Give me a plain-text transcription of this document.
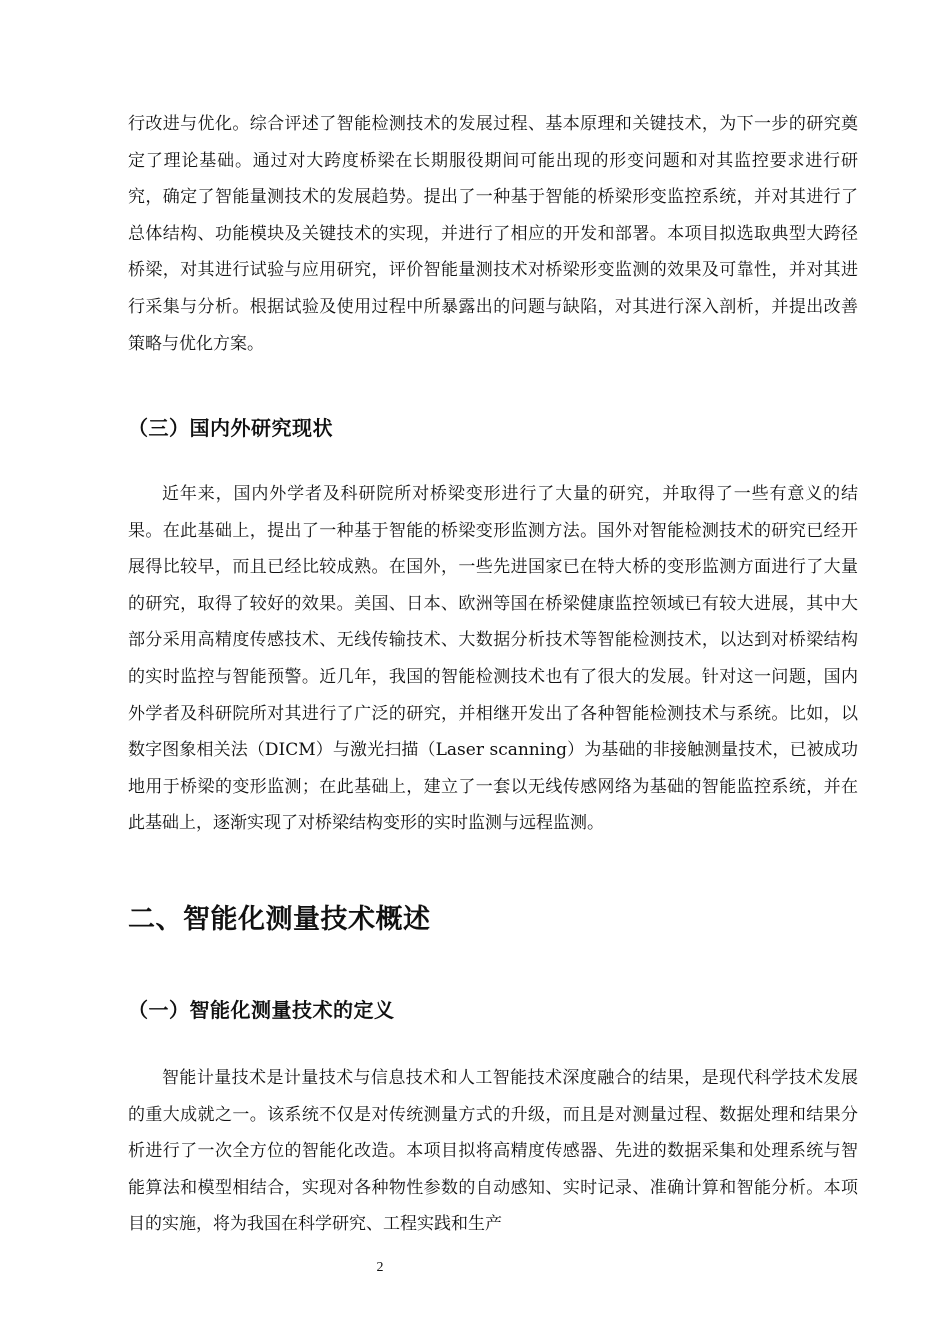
行改进与优化。综合评述了智能检测技术的发展过程、基本原理和关键技术，为下一步的研究奠定了理论基础。通过对大跨度桥梁在长期服役期间可能出现的形变问题和对其监控要求进行研究，确定了智能量测技术的发展趋势。提出了一种基于智能的桥梁形变监控系统，并对其进行了总体结构、功能模块及关键技术的实现，并进行了相应的开发和部署。本项目拟选取典型大跨径桥梁，对其进行试验与应用研究，评价智能量测技术对桥梁形变监测的效果及可靠性，并对其进行采集与分析。根据试验及使用过程中所暴露出的问题与缺陷，对其进行深入剖析，并提出改善策略与优化方案。

（三）国内外研究现状

近年来，国内外学者及科研院所对桥梁变形进行了大量的研究，并取得了一些有意义的结果。在此基础上，提出了一种基于智能的桥梁变形监测方法。国外对智能检测技术的研究已经开展得比较早，而且已经比较成熟。在国外，一些先进国家已在特大桥的变形监测方面进行了大量的研究，取得了较好的效果。美国、日本、欧洲等国在桥梁健康监控领域已有较大进展，其中大部分采用高精度传感技术、无线传输技术、大数据分析技术等智能检测技术，以达到对桥梁结构的实时监控与智能预警。近几年，我国的智能检测技术也有了很大的发展。针对这一问题，国内外学者及科研院所对其进行了广泛的研究，并相继开发出了各种智能检测技术与系统。比如，以数字图象相关法（DICM）与激光扫描（Laser scanning）为基础的非接触测量技术，已被成功地用于桥梁的变形监测；在此基础上，建立了一套以无线传感网络为基础的智能监控系统，并在此基础上，逐渐实现了对桥梁结构变形的实时监测与远程监测。

二、智能化测量技术概述
（一）智能化测量技术的定义

智能计量技术是计量技术与信息技术和人工智能技术深度融合的结果，是现代科学技术发展的重大成就之一。该系统不仅是对传统测量方式的升级，而且是对测量过程、数据处理和结果分析进行了一次全方位的智能化改造。本项目拟将高精度传感器、先进的数据采集和处理系统与智能算法和模型相结合，实现对各种物性参数的自动感知、实时记录、准确计算和智能分析。本项目的实施，将为我国在科学研究、工程实践和生产

2
